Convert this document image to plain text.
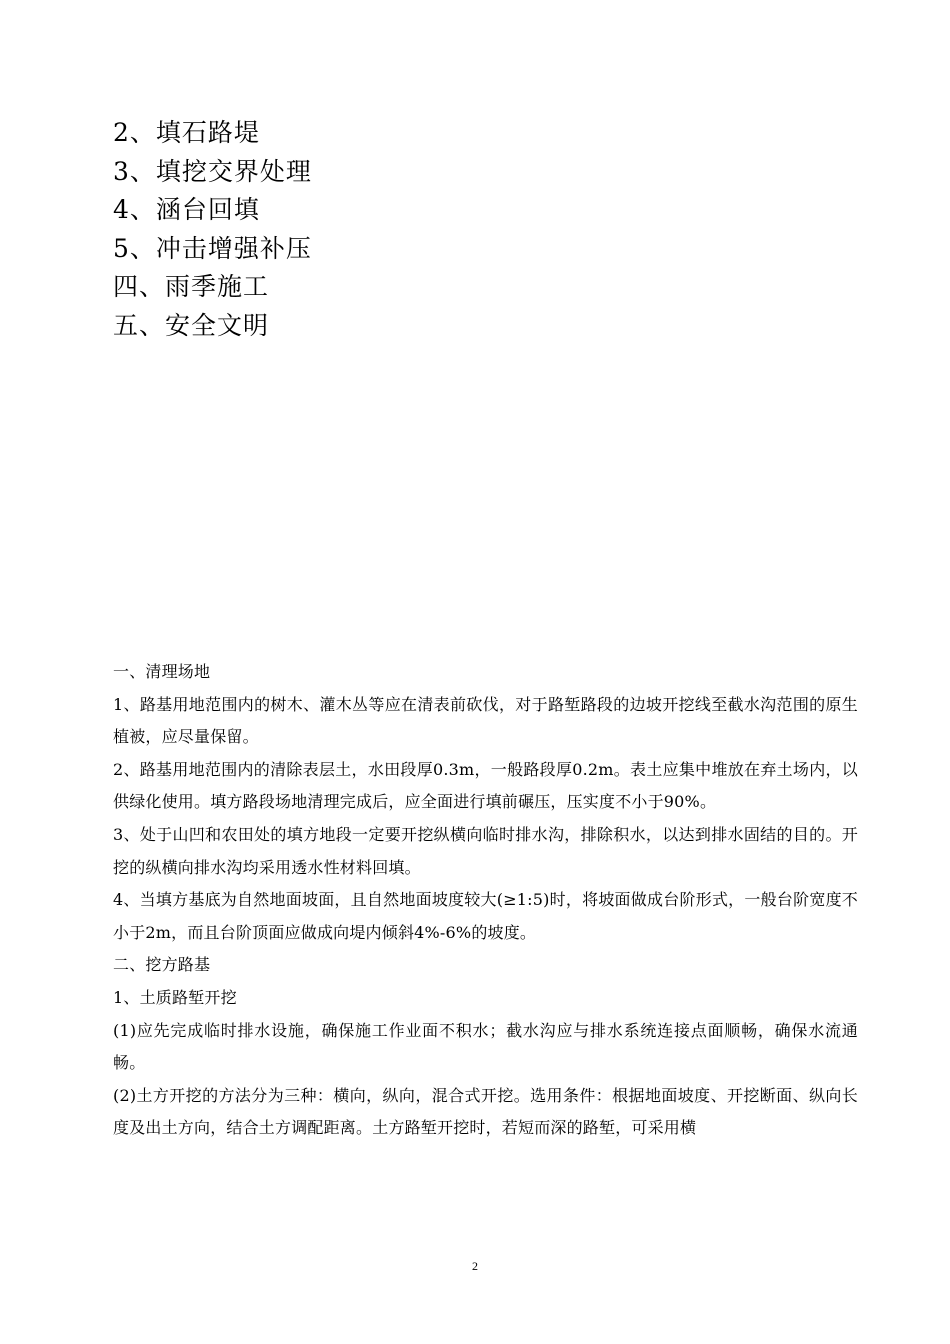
2、填石路堤
3、填挖交界处理
4、涵台回填
5、冲击增强补压
四、雨季施工
五、安全文明

一、清理场地

1、路基用地范围内的树木、灌木丛等应在清表前砍伐，对于路堑路段的边坡开挖线至截水沟范围的原生植被，应尽量保留。

2、路基用地范围内的清除表层土，水田段厚0.3m，一般路段厚0.2m。表土应集中堆放在弃土场内，以供绿化使用。填方路段场地清理完成后，应全面进行填前碾压，压实度不小于90%。

3、处于山凹和农田处的填方地段一定要开挖纵横向临时排水沟，排除积水，以达到排水固结的目的。开挖的纵横向排水沟均采用透水性材料回填。

4、当填方基底为自然地面坡面，且自然地面坡度较大(≥1:5)时，将坡面做成台阶形式，一般台阶宽度不小于2m，而且台阶顶面应做成向堤内倾斜4%-6%的坡度。

二、挖方路基

1、土质路堑开挖

(1)应先完成临时排水设施，确保施工作业面不积水；截水沟应与排水系统连接点面顺畅，确保水流通畅。

(2)土方开挖的方法分为三种：横向，纵向，混合式开挖。选用条件：根据地面坡度、开挖断面、纵向长度及出土方向，结合土方调配距离。土方路堑开挖时，若短而深的路堑，可采用横

2
